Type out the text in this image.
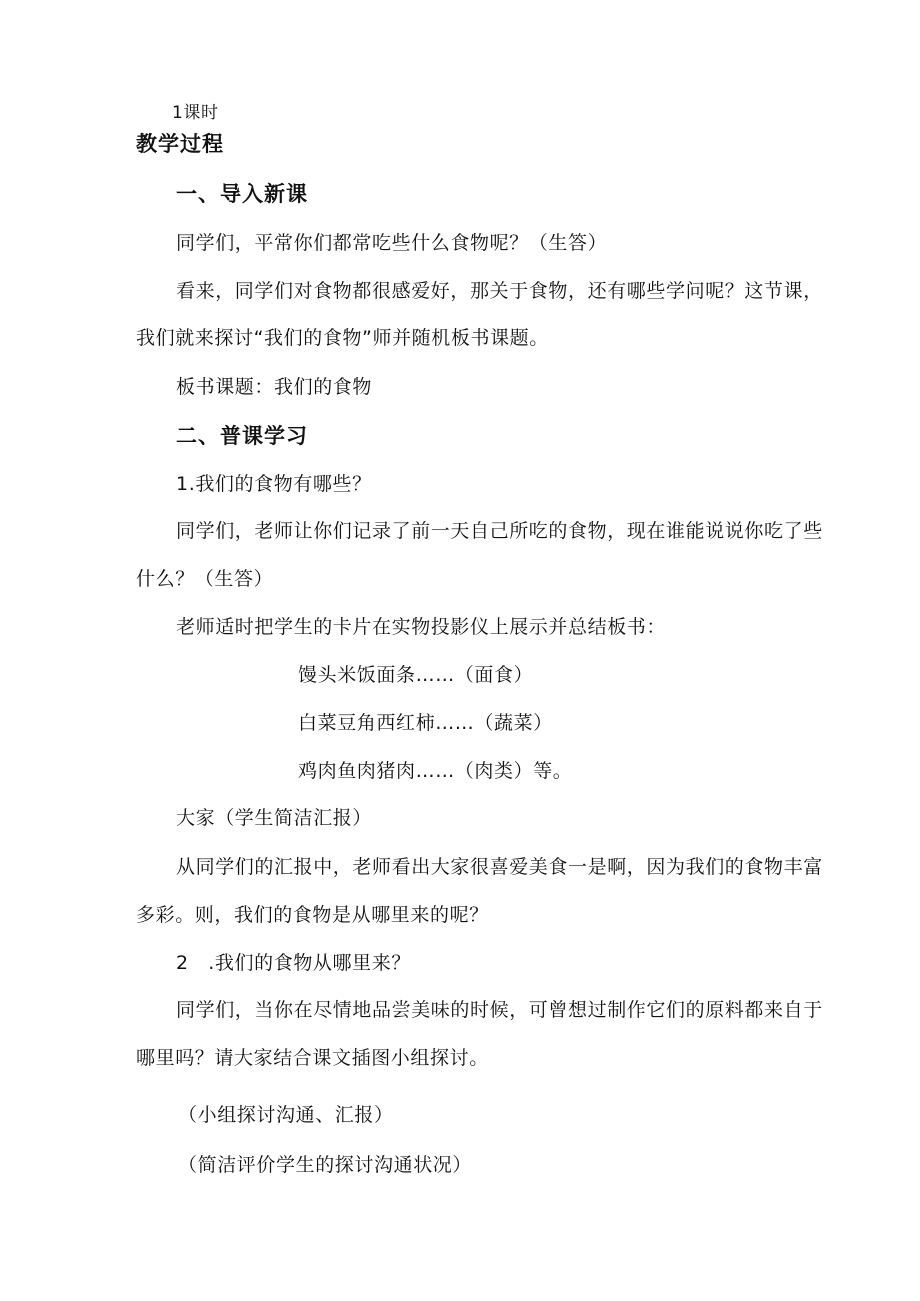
1课时
教学过程
一、导入新课
同学们，平常你们都常吃些什么食物呢？（生答）
看来，同学们对食物都很感爱好，那关于食物，还有哪些学问呢？这节课，
我们就来探讨“我们的食物”师并随机板书课题。
板书课题：我们的食物
二、普课学习
1.我们的食物有哪些？
同学们，老师让你们记录了前一天自己所吃的食物，现在谁能说说你吃了些
什么？（生答）
老师适时把学生的卡片在实物投影仪上展示并总结板书：
馒头米饭面条……（面食）
白菜豆角西红柿……（蔬菜）
鸡肉鱼肉猪肉……（肉类）等。
大家（学生简洁汇报）
从同学们的汇报中，老师看出大家很喜爱美食一是啊，因为我们的食物丰富
多彩。则，我们的食物是从哪里来的呢？
2　.我们的食物从哪里来？
同学们，当你在尽情地品尝美味的时候，可曾想过制作它们的原料都来自于
哪里吗？请大家结合课文插图小组探讨。
（小组探讨沟通、汇报）
（简洁评价学生的探讨沟通状况）
